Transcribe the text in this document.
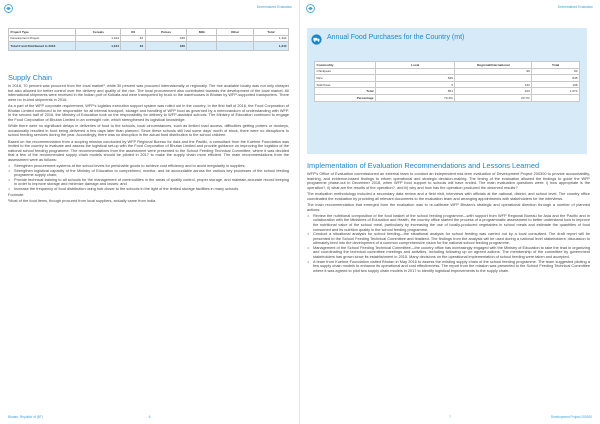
Decentralized Evaluation
Project Type	Cereals	Oil	Pulses	Milk	Other	Total
Development Project	1,164	81	180			1,344
Total if and Distributed in 2016	1,164	81	180			1,344
Supply Chain

In 2016, 70 percent was procured from the local market¹, while 30 percent was procured internationally or regionally. The rice available locally was not only cheaper but also allowed for better control over the delivery and quality of the rice. The local procurement also contributed towards the development of the local market. All international shipments were received in the Indian port of Kolkata and were transported by truck to the warehouses in Bhutan by WFP-supported transporters. There were no in-kind shipments in 2016.

As a part of the WFP corporate requirement, WFP's logistics execution support system was rolled out in the country. In the first half of 2016, the Food Corporation of Bhutan Limited continued to be responsible for all internal transport, storage and handling of WFP food as governed by a memorandum of understanding with WFP. In the second half of 2016, the Ministry of Education took on the responsibility for delivery to WFP-assisted schools. The Ministry of Education continued to engage the Food Corporation of Bhutan Limited in an oversight role, which strengthened its logistical knowledge.

While there were no significant delays in deliveries of food to the schools, local circumstances, such as limited road access, difficulties getting porters or donkeys, occasionally resulted in food being delivered a few days later than planned. Since these schools still had some days' worth of stock, there were no disruptions to school feeding services during the year. Accordingly, there was no disruption in the actual food distribution to the school children.

Based on the recommendation from a scoping mission conducted by WFP Regional Bureau for Asia and the Pacific, a consultant from the Kuehne Foundation was invited to the country to evaluate and assess the logistical set-up with the Food Corporation of Bhutan Limited and provide guidance on improving the logistics of the national school feeding programme. The recommendations from the assessment were presented to the School Feeding Technical Committee, where it was decided that a few of the recommended supply chain models should be piloted in 2017 to make the supply chain more efficient. The main recommendations from the assessment were as follows:

• Strengthen procurement systems at the school levels for perishable goods to achieve cost efficiency and to avoid irregularity in supplies;
• Strengthen logistical capacity of the Ministry of Education to comprehend, monitor, and be accountable across the various key processes of the school feeding programme supply chain;
• Provide technical training to all schools for the management of commodities in the areas of quality control, proper storage, and maintain accurate record keeping in order to improve storage and minimize damage and losses; and
• Increase the frequency of food distribution using hub closer to the schools in the light of the limited storage facilities in many schools.

Footnote:

¹Most of the food items, though procured from local suppliers, actually came from India.

Bhutan, Republic of (BT)	6
Decentralized Evaluation
7	Development Project 200300
Annual Food Purchases for the Country (mt)
Commodity	Local	Regional/International	Total
Chickpeas		90	90
Rice	845		845
Split Peas	5	133	138
Total	851	223	1,074
Percentage	79.3%	20.7%	
Implementation of Evaluation Recommendations and Lessons Learned

WFP's Office of Evaluation commissioned an external team to conduct an independent mid-term evaluation of Development Project 200300 to provide accountability, learning, and evidence-based findings to inform operational and strategic decision-making. The timing of the evaluation allowed the findings to guide the WFP programme phase-out in December 2018, when WFP food support to schools will have ended. The main evaluation questions were: i) how appropriate is the operation?, ii) what are the results of the operation?, and iii) why and how has the operation produced the observed results?

The evaluation methodology included a secondary data review and a field visit, interviews with officials at the national, district, and school level. The country office coordinated the evaluation by providing all relevant documents to the evaluation team and arranging appointments with stakeholders for the interviews.

The main recommendation that emerged from the evaluation was to re-calibrate WFP Bhutan's strategic and operational direction through a number of planned actions:

• Review the nutritional composition of the food basket of the school feeding programme—with support from WFP Regional Bureau for Asia and the Pacific and in collaboration with the Ministries of Education and Health, the country office started the process of a programmatic assessment to better understand how to improve the nutritional value of the school meal, particularly by increasing the use of locally-produced vegetables in school meals and estimate the quantities of food consumed and its nutrition quality in the school feeding programme.
• Conduct a situational analysis for school feeding—the situational analysis for school feeding was carried out by a local consultant. The draft report will be presented to the School Feeding Technical Committee and finalized. The findings from the analysis will be used during a national level stakeholders' discussion to ultimately feed into the development of a common comprehensive vision for the national school feeding programme.
• Management of the School Feeding Technical Committee—the country office has increasingly engaged with the Ministry of Education to take the lead in organizing and coordinating the technical committee meetings and activities, including following up on agreed actions. The membership of the committee by government stakeholders has grown since its establishment in 2015. Many decisions on the operational implementation of school feeding were taken and accepted.
• A team from Kuehne Foundation visited Bhutan in May 2016 to assess the existing supply chain of the school feeding programme. The team suggested piloting a few supply chain models to enhance its operational and cost effectiveness. The report from the mission was presented to the School Feeding Technical Committee where it was agreed to pilot two supply chain models in 2017 to identify logistical improvements to the supply chain.
